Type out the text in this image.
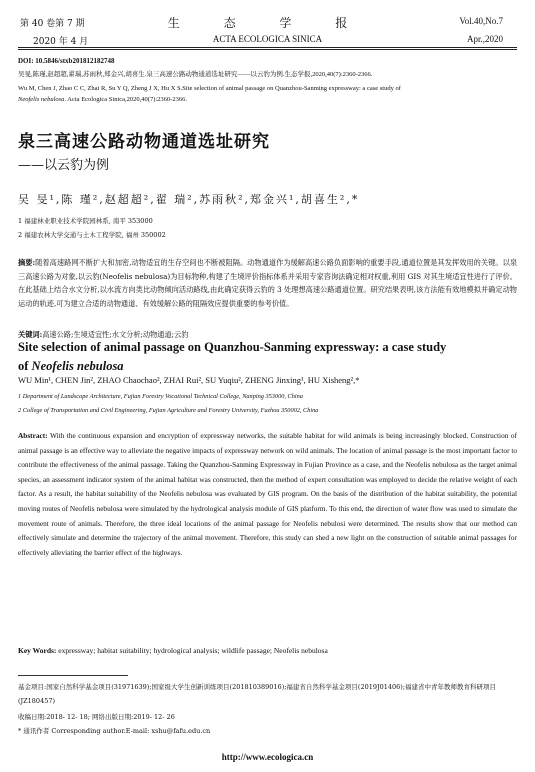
第 40 卷第 7 期
2020 年 4 月
生 态 学 报
ACTA ECOLOGICA SINICA
Vol.40,No.7
Apr.,2020
DOI: 10.5846/stxb201812182748
吴旻,陈瑾,赵超超,翟瑞,苏雨秋,郑金兴,胡喜生.泉三高速公路动物通道选址研究——以云豹为例.生态学报,2020,40(7):2360-2366.
Wu M, Chen J, Zhao C C, Zhai R, Su Y Q, Zheng J X, Hu X S.Site selection of animal passage on Quanzhou-Sanming expressway: a case study of
Neofelis nebulosa. Acta Ecologica Sinica,2020,40(7):2360-2366.
泉三高速公路动物通道选址研究
——以云豹为例
吴 旻¹,陈 瑾²,赵超超²,翟 瑞²,苏雨秋²,郑金兴¹,胡喜生²,*
1 福建林业职业技术学院园林系, 南平 353000
2 福建农林大学交通与土木工程学院, 福州 350002
摘要:随着高速路网不断扩大和加密,动物适宜的生存空间也不断被阻隔。动物通道作为缓解高速公路负面影响的重要手段,通道位置是其发挥效用的关键。以泉三高速公路为对象,以云豹(Neofelis nebulosa)为目标物种,构建了生境评价指标体系并采用专家咨询法确定相对权重,利用 GIS 对其生境适宜性进行了评价。在此基础上结合水文分析,以水流方向类比动物倾向活动路线,由此确定获得云豹的 3 处理想高速公路通道位置。研究结果表明,该方法能有效地模拟并确定动物运动的轨迹,可为建立合适的动物通道、有效缓解公路的阻隔效应提供重要的参考价值。
关键词:高速公路;生境适宜性;水文分析;动物通道;云豹
Site selection of animal passage on Quanzhou-Sanming expressway: a case study
of Neofelis nebulosa
WU Min¹, CHEN Jin², ZHAO Chaochao², ZHAI Rui², SU Yuqiu², ZHENG Jinxing¹, HU Xisheng²,*
1 Department of Landscape Architecture, Fujian Forestry Vocational Technical College, Nanping 353000, China
2 College of Transportation and Civil Engineering, Fujian Agriculture and Forestry University, Fuzhou 350002, China
Abstract: With the continuous expansion and encryption of expressway networks, the suitable habitat for wild animals is being increasingly blocked. Construction of animal passage is an effective way to alleviate the negative impacts of expressway network on wild animals. The location of animal passage is the most important factor to contribute the effectiveness of the animal passage. Taking the Quanzhou-Sanming Expressway in Fujian Province as a case, and the Neofelis nebulosa as the target animal species, an assessment indicator system of the animal habitat was constructed, then the method of expert consultation was employed to decide the relative weight of each factor. As a result, the habitat suitability of the Neofelis nebulosa was evaluated by GIS program. On the basis of the distribution of the habitat suitability, the potential moving routes of Neofelis nebulosa were simulated by the hydrological analysis module of GIS platform. To this end, the direction of water flow was used to simulate the movement route of animals. Therefore, the three ideal locations of the animal passage for Neofelis nebulosi were determined. The results show that our method can effectively simulate and determine the trajectory of the animal movement. Therefore, this study can shed a new light on the construction of suitable animal passages for effectively alleviating the barrier effect of the highways.
Key Words: expressway; habitat suitability; hydrological analysis; wildlife passage; Neofelis nebulosa
基金项目:国家自然科学基金项目(31971639);国家级大学生创新训练项目(201810389016);福建省自然科学基金项目(2019J01406);福建省中青年教师教育科研项目(JZ180457)
收稿日期:2018- 12- 18; 网络出版日期:2019- 12- 26
* 通讯作者 Corresponding author.E-mail: xshu@fafu.edu.cn
http://www.ecologica.cn
